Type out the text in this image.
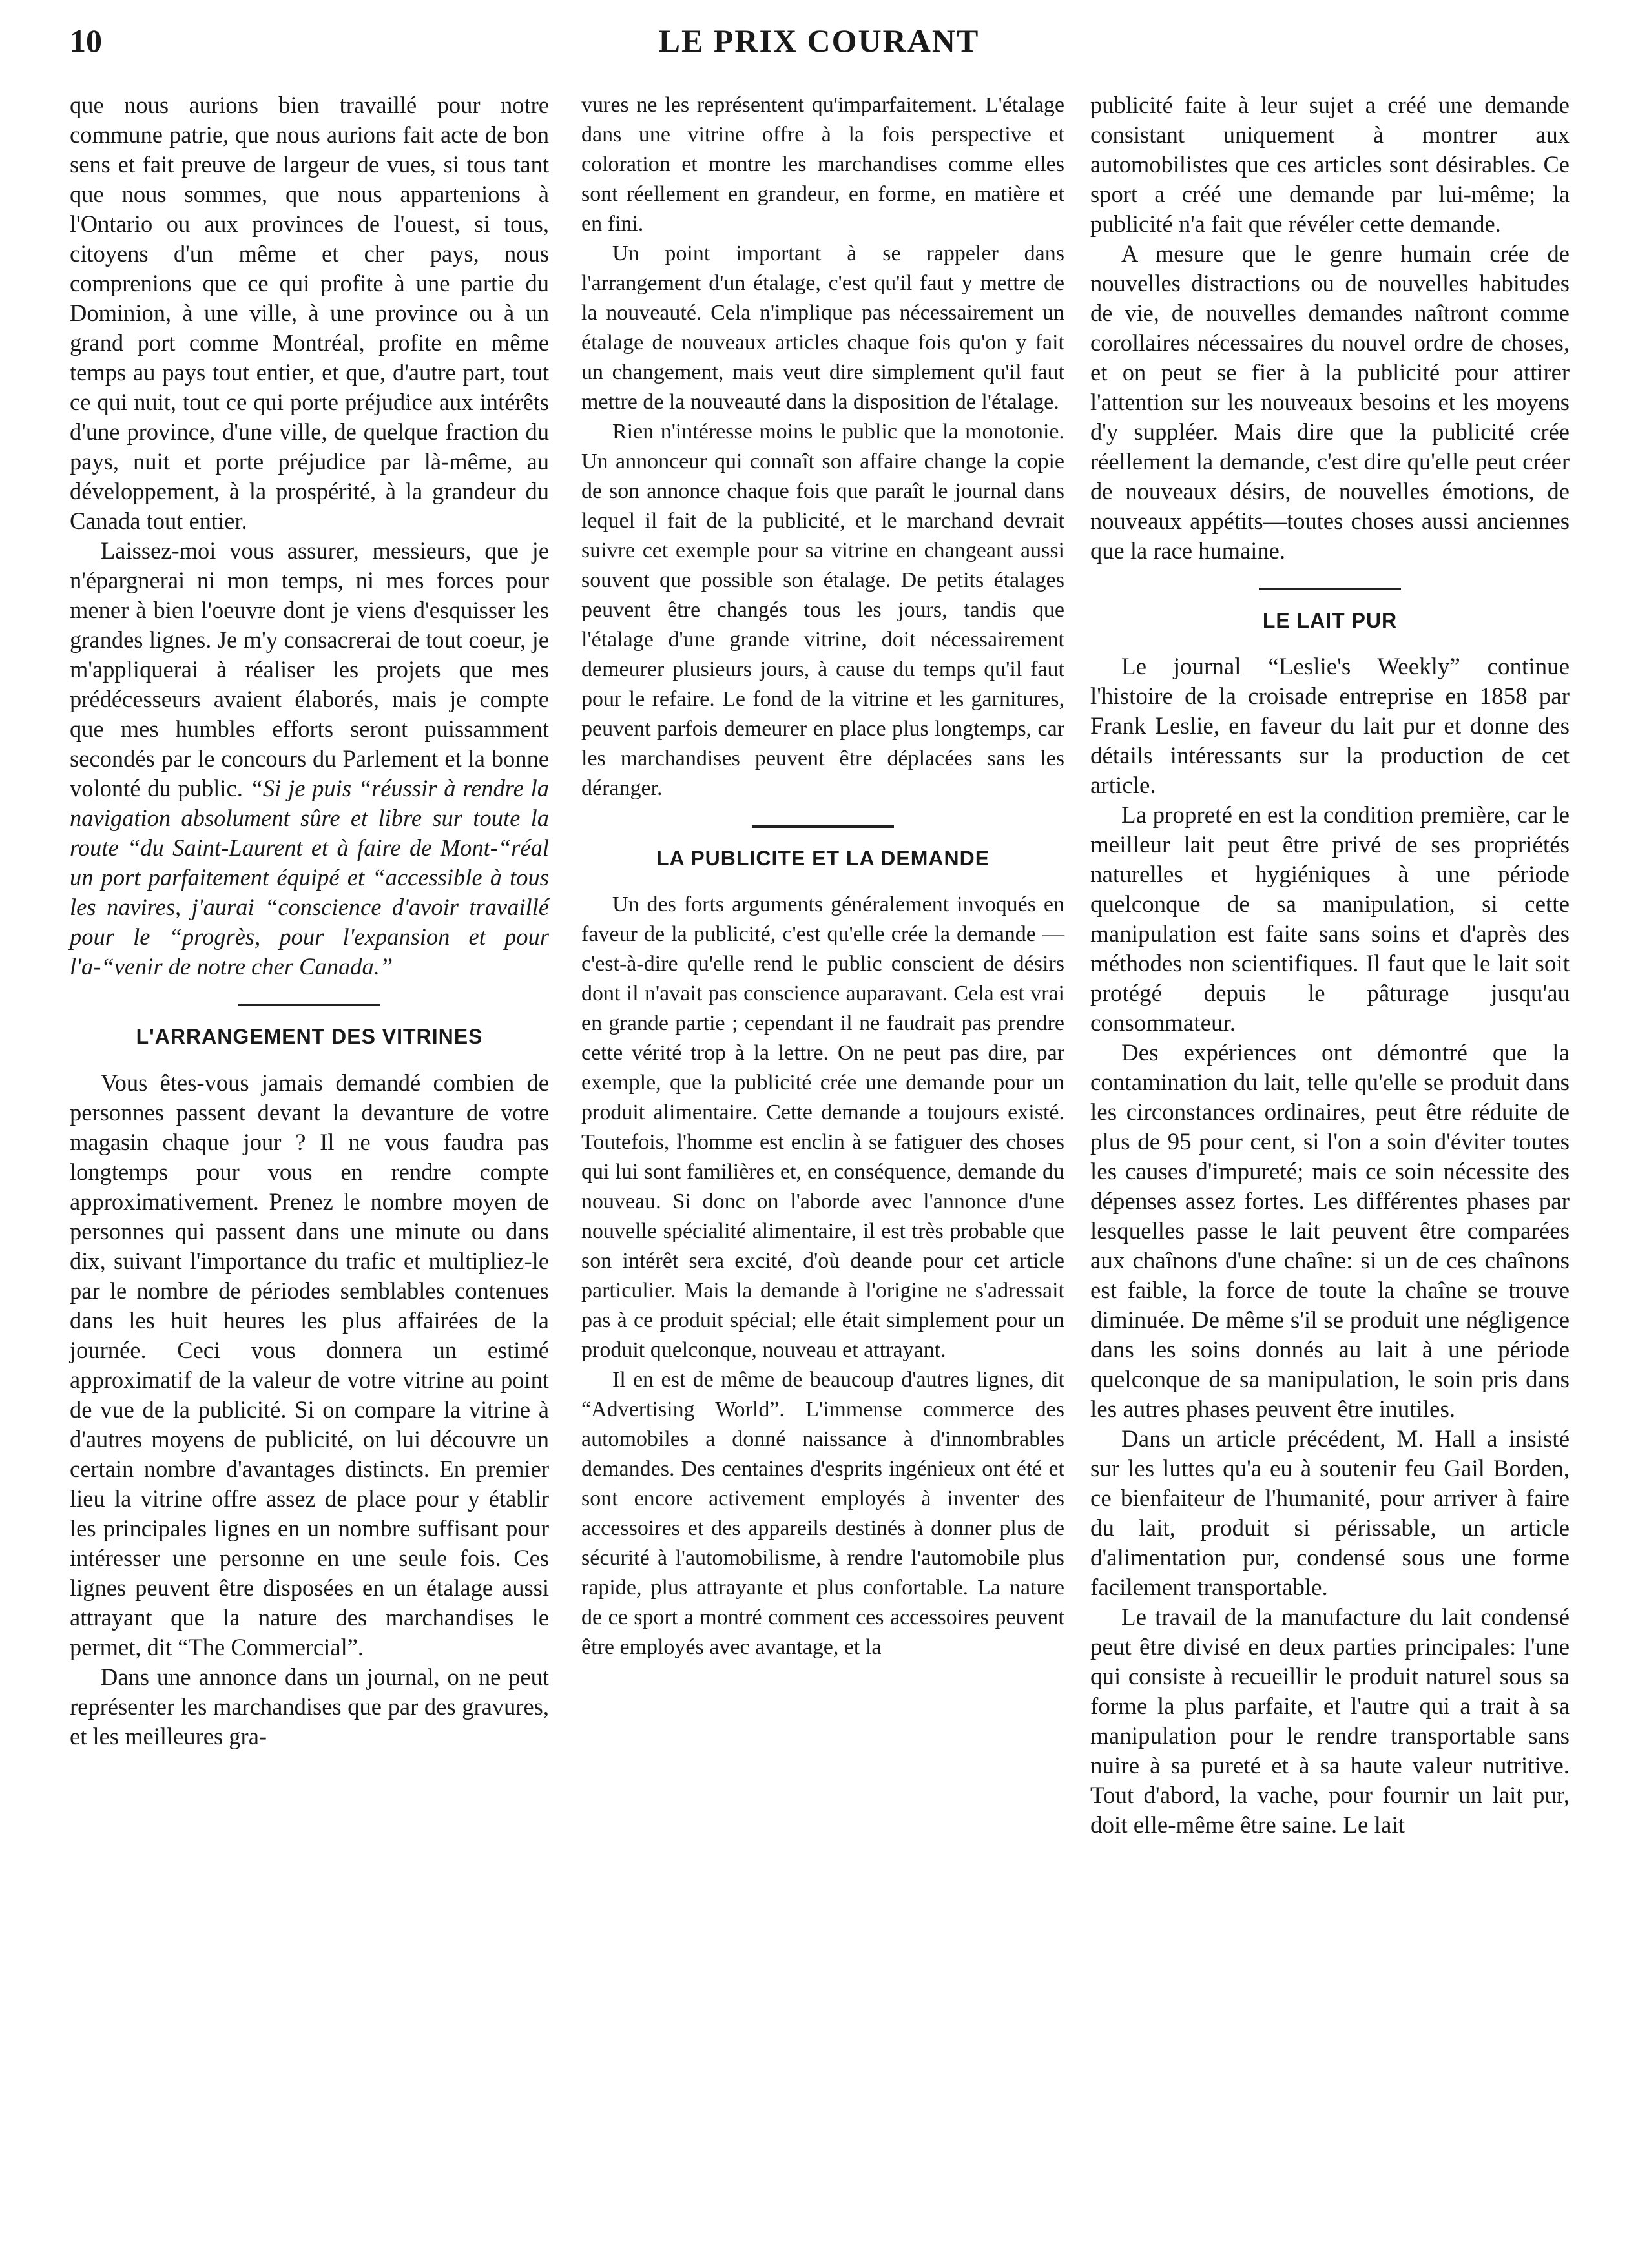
10	LE PRIX COURANT

que nous aurions bien travaillé pour notre commune patrie, que nous aurions fait acte de bon sens et fait preuve de largeur de vues, si tous tant que nous sommes, que nous appartenions à l'Ontario ou aux provinces de l'ouest, si tous, citoyens d'un même et cher pays, nous comprenions que ce qui profite à une partie du Dominion, à une ville, à une province ou à un grand port comme Montréal, profite en même temps au pays tout entier, et que, d'autre part, tout ce qui nuit, tout ce qui porte préjudice aux intérêts d'une province, d'une ville, de quelque fraction du pays, nuit et porte préjudice par là-même, au développement, à la prospérité, à la grandeur du Canada tout entier.

Laissez-moi vous assurer, messieurs, que je n'épargnerai ni mon temps, ni mes forces pour mener à bien l'oeuvre dont je viens d'esquisser les grandes lignes. Je m'y consacrerai de tout coeur, je m'appliquerai à réaliser les projets que mes prédécesseurs avaient élaborés, mais je compte que mes humbles efforts seront puissamment secondés par le concours du Parlement et la bonne volonté du public. “Si je puis “réussir à rendre la navigation absolument sûre et libre sur toute la route “du Saint-Laurent et à faire de Mont-“réal un port parfaitement équipé et “accessible à tous les navires, j'aurai “conscience d'avoir travaillé pour le “progrès, pour l'expansion et pour l'a-“venir de notre cher Canada.”

L'ARRANGEMENT DES VITRINES

Vous êtes-vous jamais demandé combien de personnes passent devant la devanture de votre magasin chaque jour ? Il ne vous faudra pas longtemps pour vous en rendre compte approximativement. Prenez le nombre moyen de personnes qui passent dans une minute ou dans dix, suivant l'importance du trafic et multipliez-le par le nombre de périodes semblables contenues dans les huit heures les plus affairées de la journée. Ceci vous donnera un estimé approximatif de la valeur de votre vitrine au point de vue de la publicité. Si on compare la vitrine à d'autres moyens de publicité, on lui découvre un certain nombre d'avantages distincts. En premier lieu la vitrine offre assez de place pour y établir les principales lignes en un nombre suffisant pour intéresser une personne en une seule fois. Ces lignes peuvent être disposées en un étalage aussi attrayant que la nature des marchandises le permet, dit “The Commercial”.

Dans une annonce dans un journal, on ne peut représenter les marchandises que par des gravures, et les meilleures gra-

vures ne les représentent qu'imparfaitement. L'étalage dans une vitrine offre à la fois perspective et coloration et montre les marchandises comme elles sont réellement en grandeur, en forme, en matière et en fini.

Un point important à se rappeler dans l'arrangement d'un étalage, c'est qu'il faut y mettre de la nouveauté. Cela n'implique pas nécessairement un étalage de nouveaux articles chaque fois qu'on y fait un changement, mais veut dire simplement qu'il faut mettre de la nouveauté dans la disposition de l'étalage.

Rien n'intéresse moins le public que la monotonie. Un annonceur qui connaît son affaire change la copie de son annonce chaque fois que paraît le journal dans lequel il fait de la publicité, et le marchand devrait suivre cet exemple pour sa vitrine en changeant aussi souvent que possible son étalage. De petits étalages peuvent être changés tous les jours, tandis que l'étalage d'une grande vitrine, doit nécessairement demeurer plusieurs jours, à cause du temps qu'il faut pour le refaire. Le fond de la vitrine et les garnitures, peuvent parfois demeurer en place plus longtemps, car les marchandises peuvent être déplacées sans les déranger.

LA PUBLICITE ET LA DEMANDE

Un des forts arguments généralement invoqués en faveur de la publicité, c'est qu'elle crée la demande — c'est-à-dire qu'elle rend le public conscient de désirs dont il n'avait pas conscience auparavant. Cela est vrai en grande partie ; cependant il ne faudrait pas prendre cette vérité trop à la lettre. On ne peut pas dire, par exemple, que la publicité crée une demande pour un produit alimentaire. Cette demande a toujours existé. Toutefois, l'homme est enclin à se fatiguer des choses qui lui sont familières et, en conséquence, demande du nouveau. Si donc on l'aborde avec l'annonce d'une nouvelle spécialité alimentaire, il est très probable que son intérêt sera excité, d'où deande pour cet article particulier. Mais la demande à l'origine ne s'adressait pas à ce produit spécial; elle était simplement pour un produit quelconque, nouveau et attrayant.

Il en est de même de beaucoup d'autres lignes, dit “Advertising World”. L'immense commerce des automobiles a donné naissance à d'innombrables demandes. Des centaines d'esprits ingénieux ont été et sont encore activement employés à inventer des accessoires et des appareils destinés à donner plus de sécurité à l'automobilisme, à rendre l'automobile plus rapide, plus attrayante et plus confortable. La nature de ce sport a montré comment ces accessoires peuvent être employés avec avantage, et la

publicité faite à leur sujet a créé une demande consistant uniquement à montrer aux automobilistes que ces articles sont désirables. Ce sport a créé une demande par lui-même; la publicité n'a fait que révéler cette demande.

A mesure que le genre humain crée de nouvelles distractions ou de nouvelles habitudes de vie, de nouvelles demandes naîtront comme corollaires nécessaires du nouvel ordre de choses, et on peut se fier à la publicité pour attirer l'attention sur les nouveaux besoins et les moyens d'y suppléer. Mais dire que la publicité crée réellement la demande, c'est dire qu'elle peut créer de nouveaux désirs, de nouvelles émotions, de nouveaux appétits—toutes choses aussi anciennes que la race humaine.

LE LAIT PUR

Le journal “Leslie's Weekly” continue l'histoire de la croisade entreprise en 1858 par Frank Leslie, en faveur du lait pur et donne des détails intéressants sur la production de cet article.

La propreté en est la condition première, car le meilleur lait peut être privé de ses propriétés naturelles et hygiéniques à une période quelconque de sa manipulation, si cette manipulation est faite sans soins et d'après des méthodes non scientifiques. Il faut que le lait soit protégé depuis le pâturage jusqu'au consommateur.

Des expériences ont démontré que la contamination du lait, telle qu'elle se produit dans les circonstances ordinaires, peut être réduite de plus de 95 pour cent, si l'on a soin d'éviter toutes les causes d'impureté; mais ce soin nécessite des dépenses assez fortes. Les différentes phases par lesquelles passe le lait peuvent être comparées aux chaînons d'une chaîne: si un de ces chaînons est faible, la force de toute la chaîne se trouve diminuée. De même s'il se produit une négligence dans les soins donnés au lait à une période quelconque de sa manipulation, le soin pris dans les autres phases peuvent être inutiles.

Dans un article précédent, M. Hall a insisté sur les luttes qu'a eu à soutenir feu Gail Borden, ce bienfaiteur de l'humanité, pour arriver à faire du lait, produit si périssable, un article d'alimentation pur, condensé sous une forme facilement transportable.

Le travail de la manufacture du lait condensé peut être divisé en deux parties principales: l'une qui consiste à recueillir le produit naturel sous sa forme la plus parfaite, et l'autre qui a trait à sa manipulation pour le rendre transportable sans nuire à sa pureté et à sa haute valeur nutritive. Tout d'abord, la vache, pour fournir un lait pur, doit elle-même être saine. Le lait
